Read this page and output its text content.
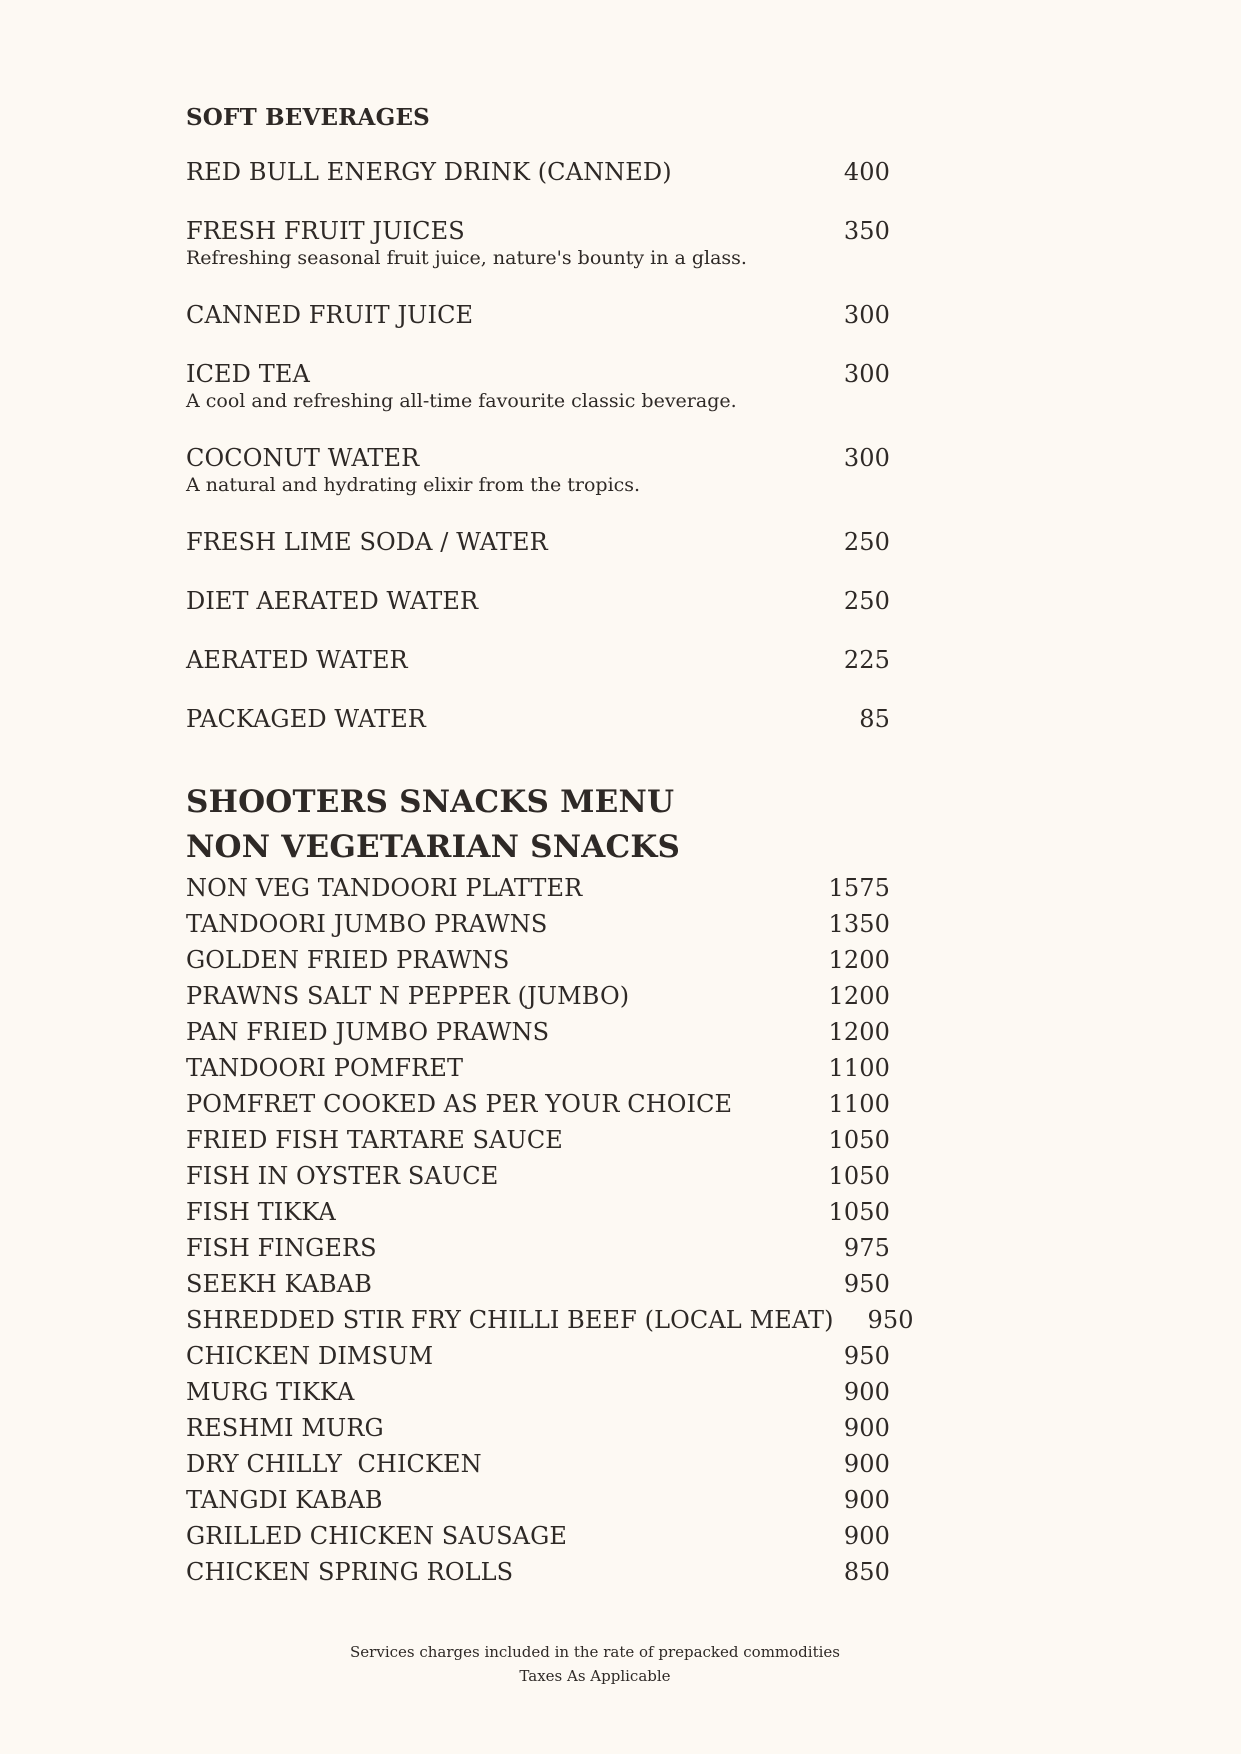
SOFT BEVERAGES
RED BULL ENERGY DRINK (CANNED)	400
FRESH FRUIT JUICES	350
Refreshing seasonal fruit juice, nature's bounty in a glass.
CANNED FRUIT JUICE	300
ICED TEA	300
A cool and refreshing all-time favourite classic beverage.
COCONUT WATER	300
A natural and hydrating elixir from the tropics.
FRESH LIME SODA / WATER	250
DIET AERATED WATER	250
AERATED WATER	225
PACKAGED WATER	85
SHOOTERS SNACKS MENU
NON VEGETARIAN SNACKS
NON VEG TANDOORI PLATTER	1575
TANDOORI JUMBO PRAWNS	1350
GOLDEN FRIED PRAWNS	1200
PRAWNS SALT N PEPPER (JUMBO)	1200
PAN FRIED JUMBO PRAWNS	1200
TANDOORI POMFRET	1100
POMFRET COOKED AS PER YOUR CHOICE	1100
FRIED FISH TARTARE SAUCE	1050
FISH IN OYSTER SAUCE	1050
FISH TIKKA	1050
FISH FINGERS	975
SEEKH KABAB	950
SHREDDED STIR FRY CHILLI BEEF (LOCAL MEAT)	950
CHICKEN DIMSUM	950
MURG TIKKA	900
RESHMI MURG	900
DRY CHILLY  CHICKEN	900
TANGDI KABAB	900
GRILLED CHICKEN SAUSAGE	900
CHICKEN SPRING ROLLS	850
Services charges included in the rate of prepacked commodities
Taxes As Applicable
